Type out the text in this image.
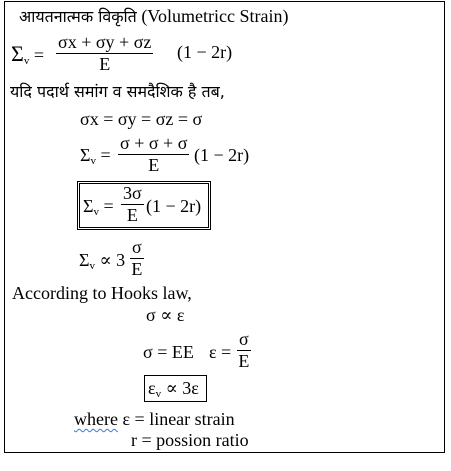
आयतनात्मक विकृति (Volumetricc Strain)
$\Sigma_v = \frac{\sigma x + \sigma y + \sigma z}{E} (1 - 2r)$
यदि पदार्थ समांग व समदैशिक है तब,
σx = σy = σz = σ
$\Sigma_v = \frac{\sigma + \sigma + \sigma}{E} (1 - 2r)$
$\Sigma_v = \frac{3\sigma}{E} (1 - 2r)$
$\Sigma_v \propto 3 \frac{\sigma}{E}$
According to Hooks law,
σ ∝ ε
σ = EE $\varepsilon = \frac{\sigma}{E}$
$\varepsilon_v \propto 3\varepsilon$
where ε = linear strain
r = possion ratio
